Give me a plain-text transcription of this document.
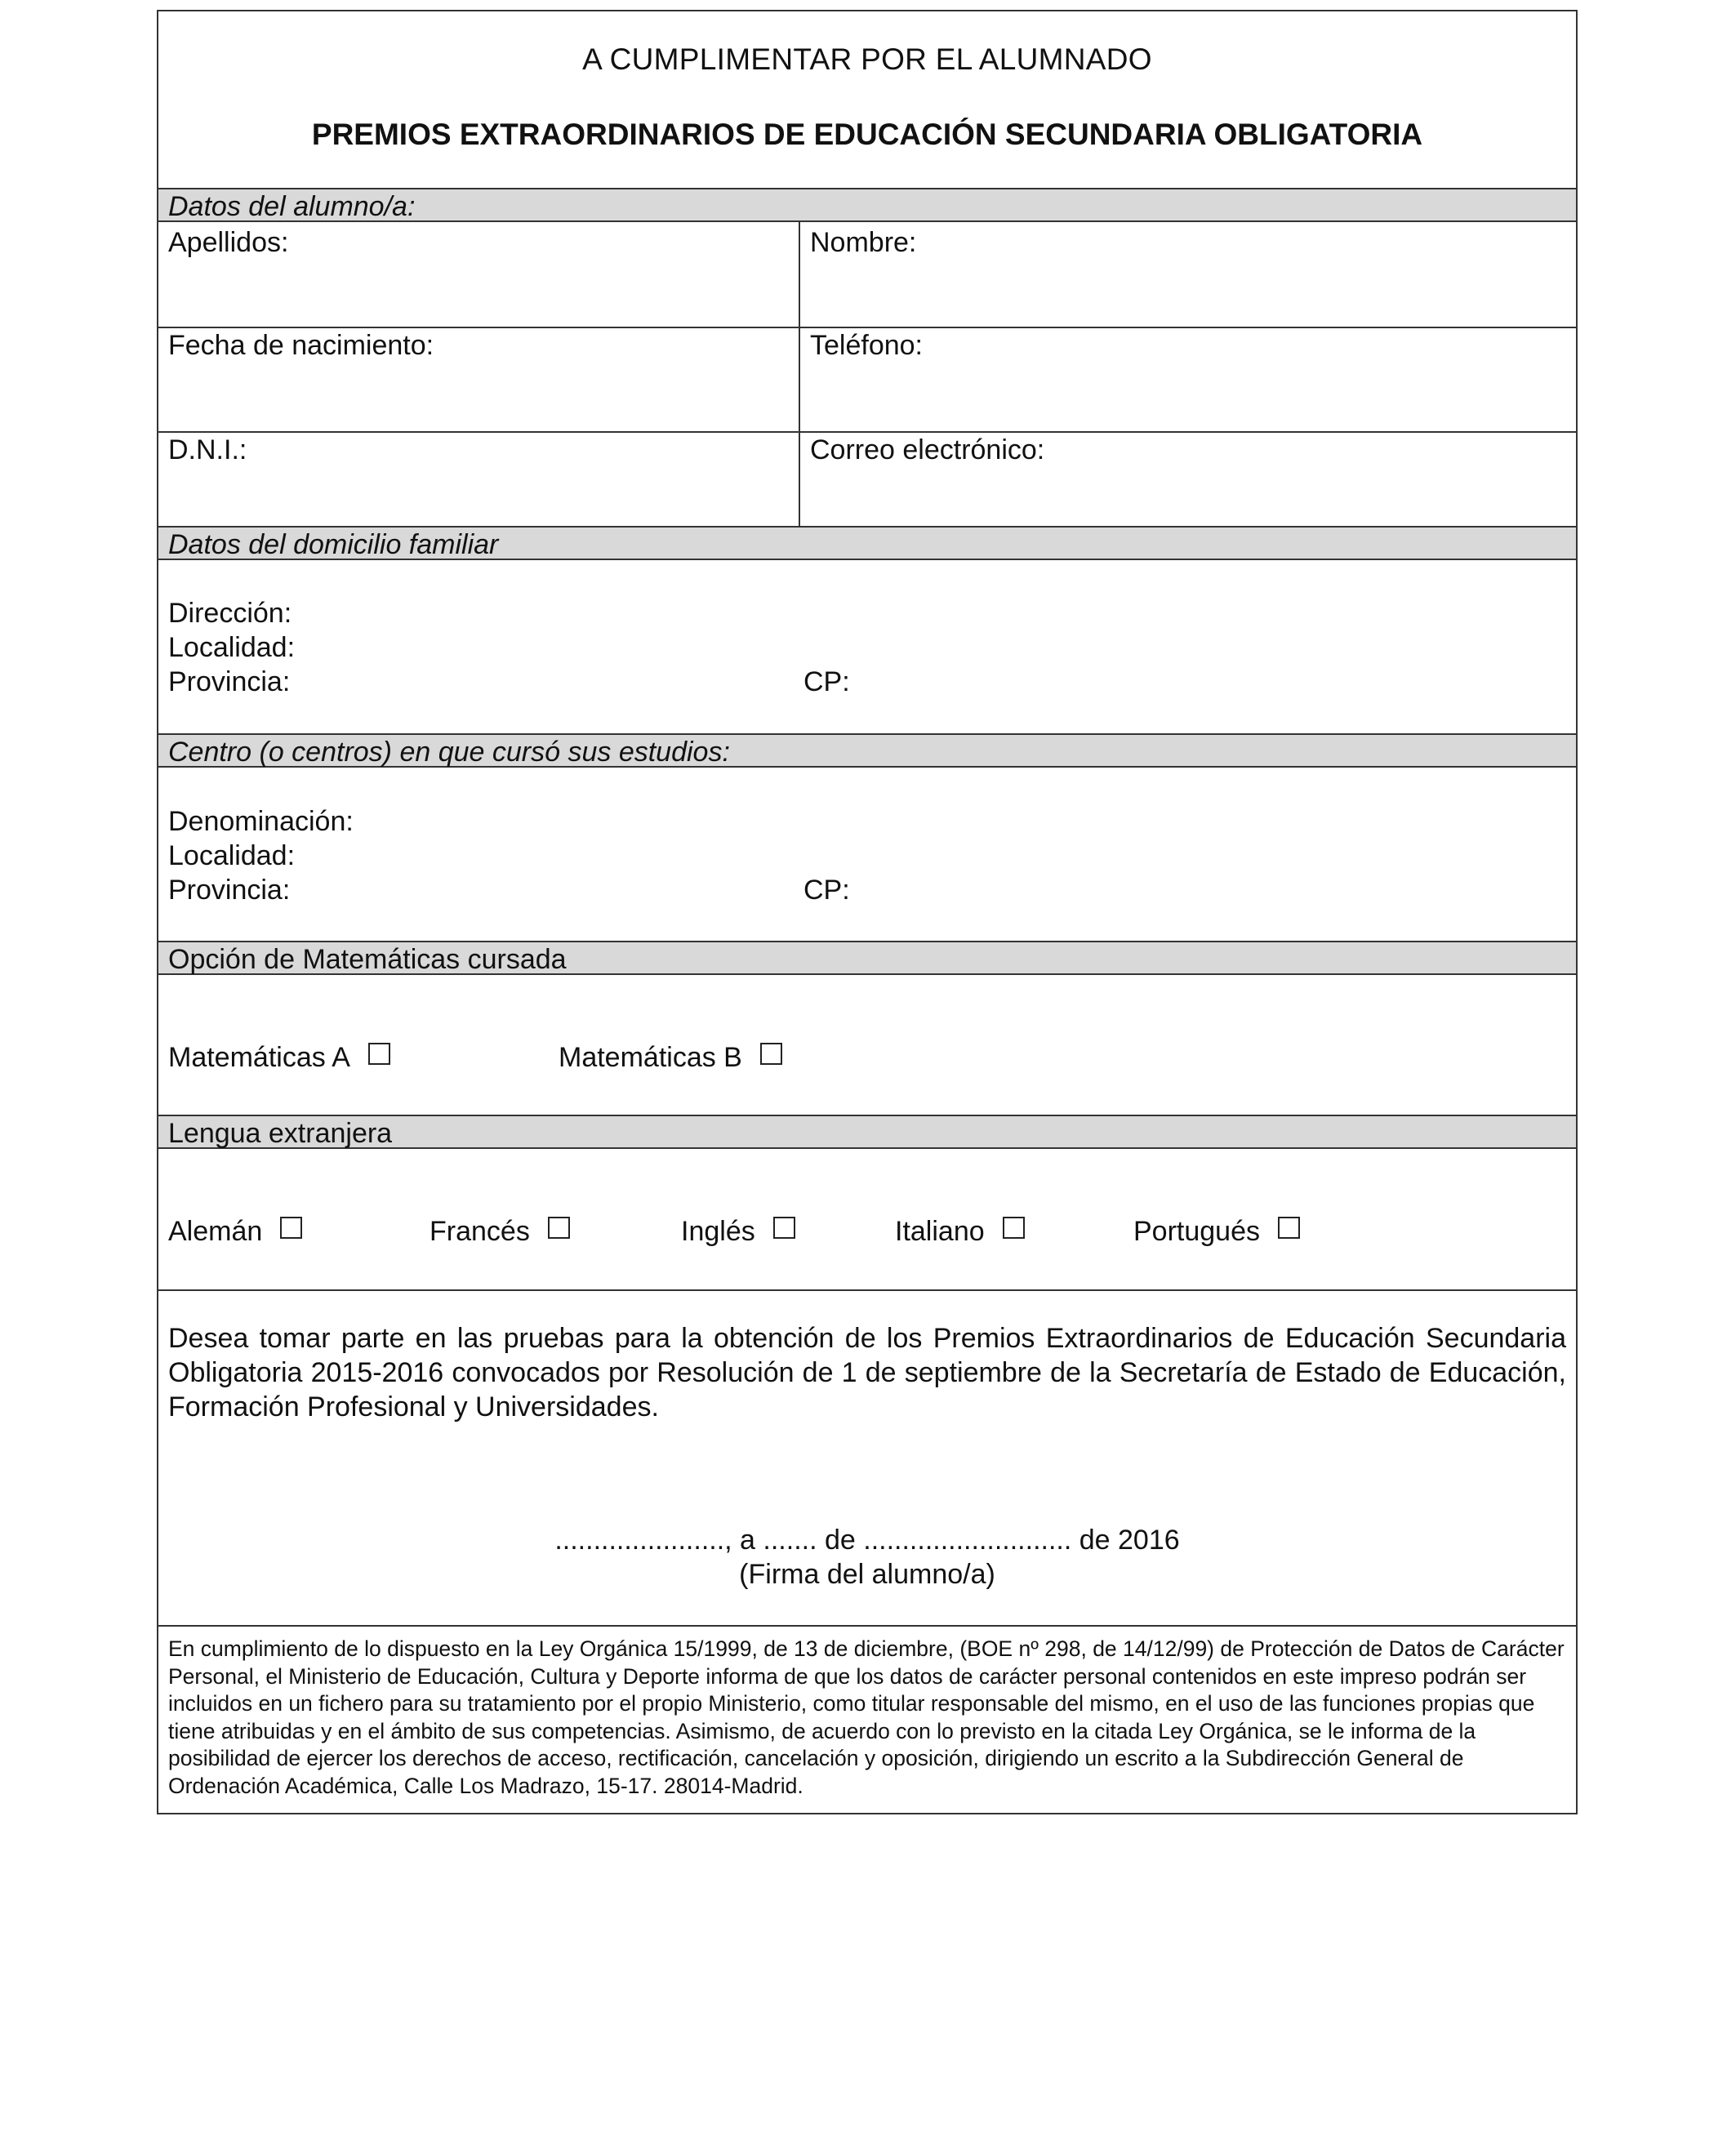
A CUMPLIMENTAR POR EL ALUMNADO
PREMIOS EXTRAORDINARIOS DE EDUCACIÓN SECUNDARIA OBLIGATORIA
Datos del alumno/a:
Apellidos:	Nombre:
Fecha de nacimiento:	Teléfono:
D.N.I.:	Correo electrónico:
Datos del domicilio familiar
Dirección:
Localidad:
Provincia:	CP:
Centro (o centros) en que cursó sus estudios:
Denominación:
Localidad:
Provincia:	CP:
Opción de Matemáticas cursada
Matemáticas A	Matemáticas B
Lengua extranjera
Alemán	Francés	Inglés	Italiano	Portugués
Desea tomar parte en las pruebas para la obtención de los Premios Extraordinarios de Educación Secundaria Obligatoria 2015-2016 convocados por Resolución de 1 de septiembre de la Secretaría de Estado de Educación, Formación Profesional y Universidades.
......................, a ....... de ........................... de 2016
(Firma del alumno/a)
En cumplimiento de lo dispuesto en la Ley Orgánica 15/1999, de 13 de diciembre, (BOE nº 298, de 14/12/99) de Protección de Datos de Carácter Personal, el Ministerio de Educación, Cultura y Deporte informa de que los datos de carácter personal contenidos en este impreso podrán ser incluidos en un fichero para su tratamiento por el propio Ministerio, como titular responsable del mismo, en el uso de las funciones propias que tiene atribuidas y en el ámbito de sus competencias. Asimismo, de acuerdo con lo previsto en la citada Ley Orgánica, se le informa de la posibilidad de ejercer los derechos de acceso, rectificación, cancelación y oposición, dirigiendo un escrito a la Subdirección General de Ordenación Académica, Calle Los Madrazo, 15-17. 28014-Madrid.
